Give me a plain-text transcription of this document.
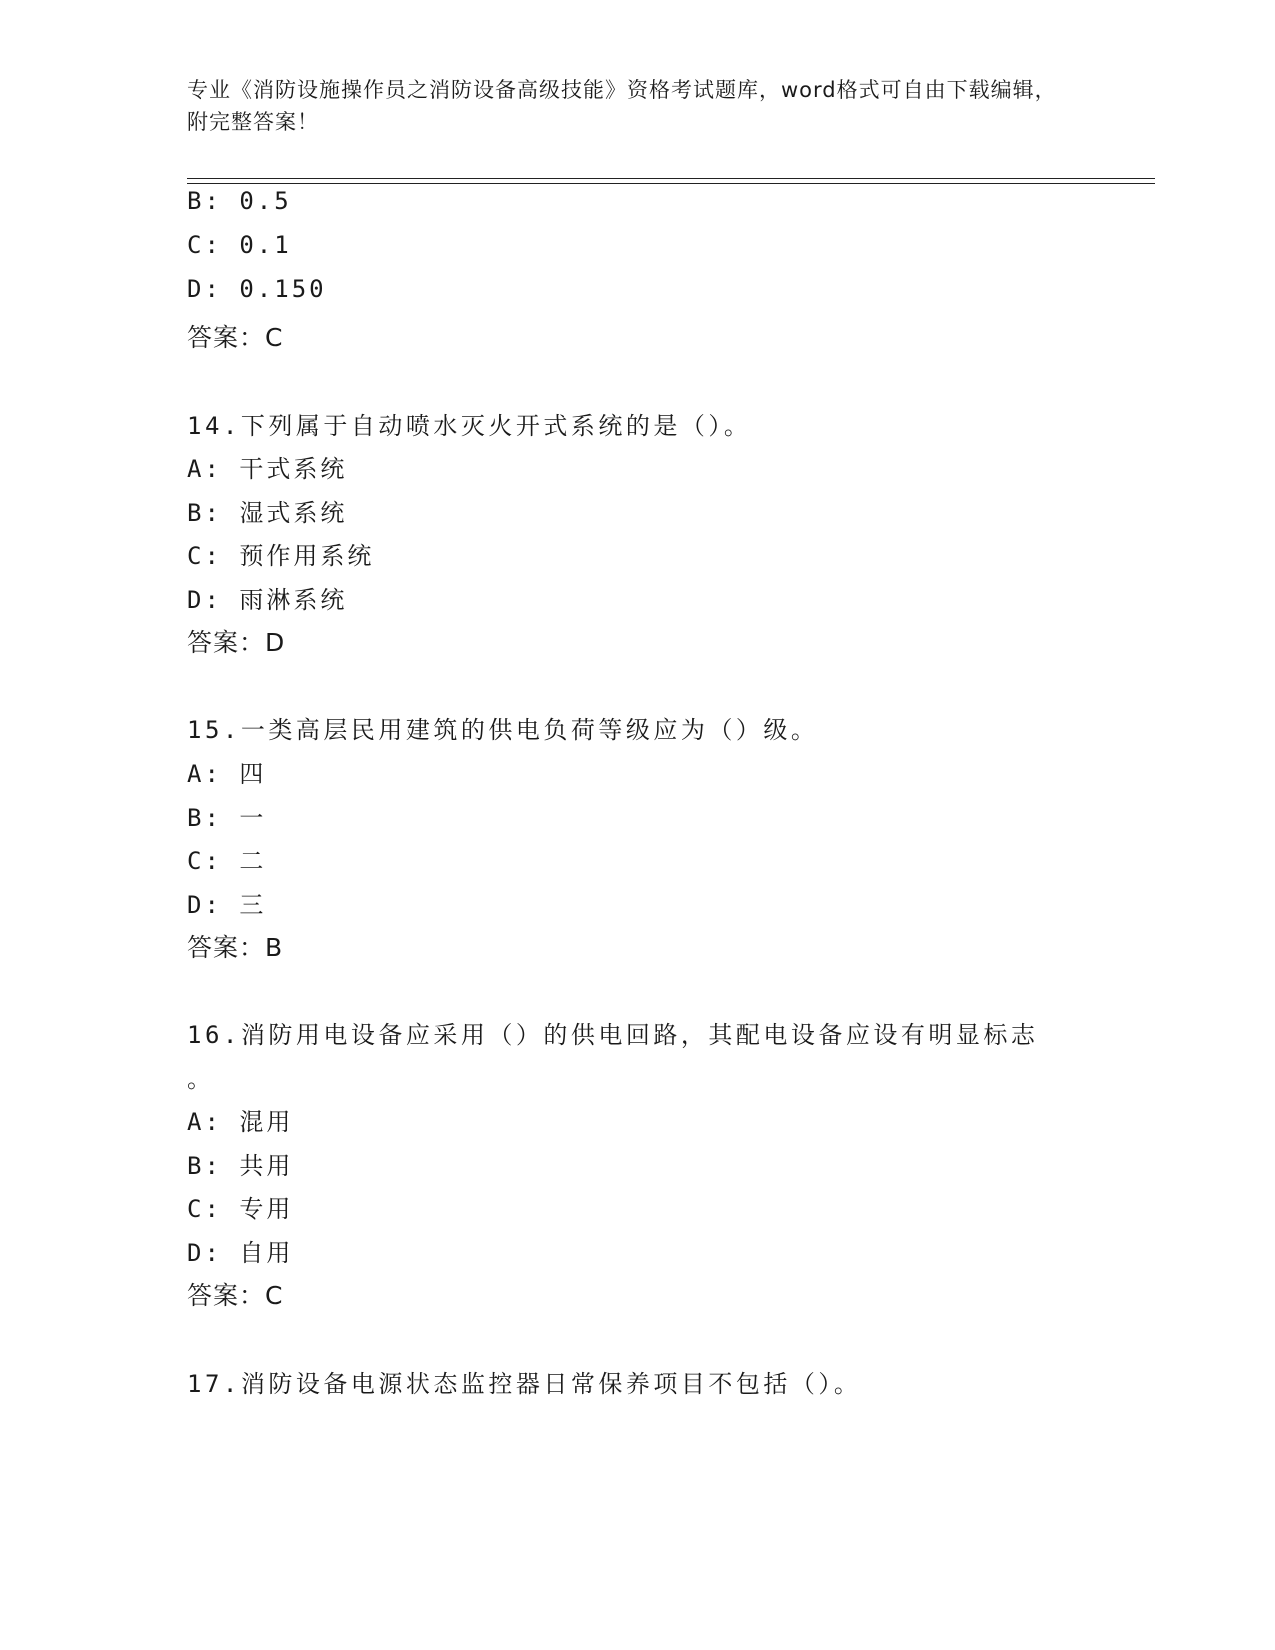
专业《消防设施操作员之消防设备高级技能》资格考试题库，word格式可自由下载编辑，附完整答案！
B: 0.5
C: 0.1
D: 0.150
答案：C
14.下列属于自动喷水灭火开式系统的是（）。
A: 干式系统
B: 湿式系统
C: 预作用系统
D: 雨淋系统
答案：D
15.一类高层民用建筑的供电负荷等级应为（）级。
A: 四
B: 一
C: 二
D: 三
答案：B
16.消防用电设备应采用（）的供电回路，其配电设备应设有明显标志
。
A: 混用
B: 共用
C: 专用
D: 自用
答案：C
17.消防设备电源状态监控器日常保养项目不包括（）。
